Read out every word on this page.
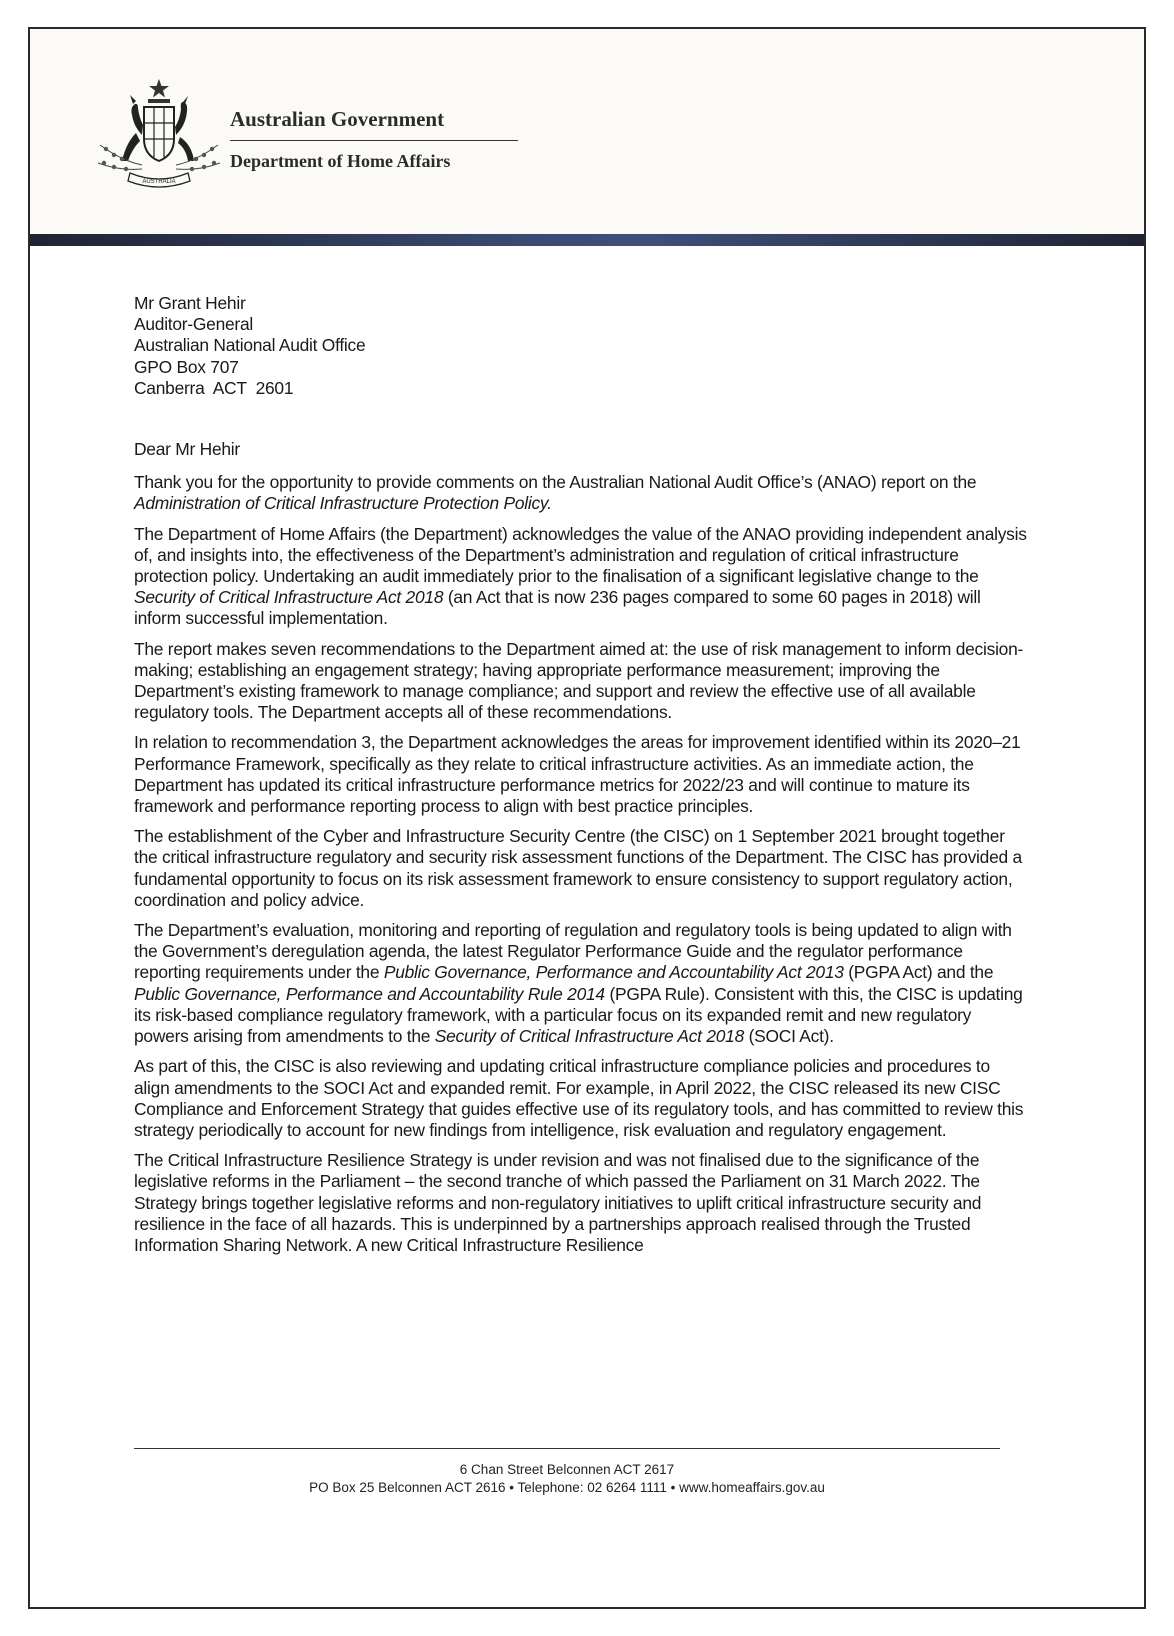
AUSTRALIA
Australian Government
Department of Home Affairs

Mr Grant Hehir

Auditor-General

Australian National Audit Office

GPO Box 707

Canberra  ACT  2601

Dear Mr Hehir

Thank you for the opportunity to provide comments on the Australian National Audit Office’s (ANAO) report on the Administration of Critical Infrastructure Protection Policy.

The Department of Home Affairs (the Department) acknowledges the value of the ANAO providing independent analysis of, and insights into, the effectiveness of the Department’s administration and regulation of critical infrastructure protection policy. Undertaking an audit immediately prior to the finalisation of a significant legislative change to the Security of Critical Infrastructure Act 2018 (an Act that is now 236 pages compared to some 60 pages in 2018) will inform successful implementation.

The report makes seven recommendations to the Department aimed at: the use of risk management to inform decision-making; establishing an engagement strategy; having appropriate performance measurement; improving the Department’s existing framework to manage compliance; and support and review the effective use of all available regulatory tools. The Department accepts all of these recommendations.

In relation to recommendation 3, the Department acknowledges the areas for improvement identified within its 2020–21 Performance Framework, specifically as they relate to critical infrastructure activities. As an immediate action, the Department has updated its critical infrastructure performance metrics for 2022/23 and will continue to mature its framework and performance reporting process to align with best practice principles.

The establishment of the Cyber and Infrastructure Security Centre (the CISC) on 1 September 2021 brought together the critical infrastructure regulatory and security risk assessment functions of the Department. The CISC has provided a fundamental opportunity to focus on its risk assessment framework to ensure consistency to support regulatory action, coordination and policy advice.

The Department’s evaluation, monitoring and reporting of regulation and regulatory tools is being updated to align with the Government’s deregulation agenda, the latest Regulator Performance Guide and the regulator performance reporting requirements under the Public Governance, Performance and Accountability Act 2013 (PGPA Act) and the Public Governance, Performance and Accountability Rule 2014 (PGPA Rule). Consistent with this, the CISC is updating its risk-based compliance regulatory framework, with a particular focus on its expanded remit and new regulatory powers arising from amendments to the Security of Critical Infrastructure Act 2018 (SOCI Act).

As part of this, the CISC is also reviewing and updating critical infrastructure compliance policies and procedures to align amendments to the SOCI Act and expanded remit. For example, in April 2022, the CISC released its new CISC Compliance and Enforcement Strategy that guides effective use of its regulatory tools, and has committed to review this strategy periodically to account for new findings from intelligence, risk evaluation and regulatory engagement.

The Critical Infrastructure Resilience Strategy is under revision and was not finalised due to the significance of the legislative reforms in the Parliament – the second tranche of which passed the Parliament on 31 March 2022. The Strategy brings together legislative reforms and non-regulatory initiatives to uplift critical infrastructure security and resilience in the face of all hazards. This is underpinned by a partnerships approach realised through the Trusted Information Sharing Network. A new Critical Infrastructure Resilience

6 Chan Street Belconnen ACT 2617

PO Box 25 Belconnen ACT 2616 • Telephone: 02 6264 1111 • www.homeaffairs.gov.au
